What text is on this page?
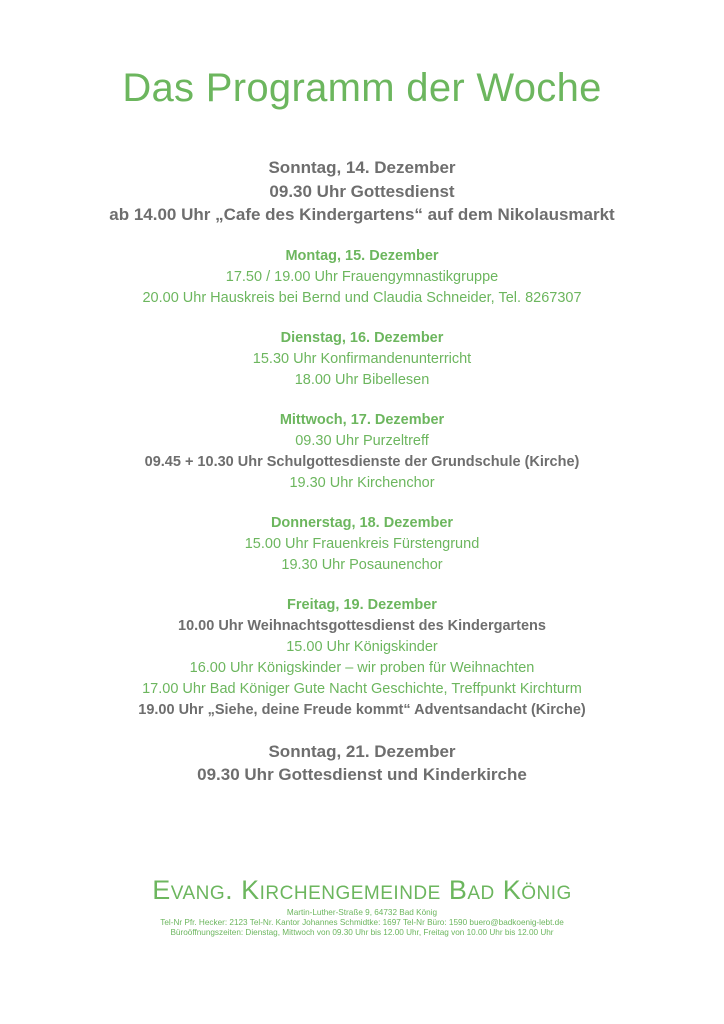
Das Programm der Woche
Sonntag, 14. Dezember
09.30 Uhr Gottesdienst
ab 14.00 Uhr „Cafe des Kindergartens“ auf dem Nikolausmarkt
Montag, 15. Dezember
17.50 / 19.00 Uhr Frauengymnastikgruppe
20.00 Uhr Hauskreis bei Bernd und Claudia Schneider, Tel. 8267307
Dienstag, 16. Dezember
15.30 Uhr Konfirmandenunterricht
18.00 Uhr Bibellesen
Mittwoch, 17. Dezember
09.30 Uhr Purzeltreff
09.45 + 10.30 Uhr Schulgottesdienste der Grundschule (Kirche)
19.30 Uhr Kirchenchor
Donnerstag, 18. Dezember
15.00 Uhr Frauenkreis Fürstengrund
19.30 Uhr Posaunenchor
Freitag, 19. Dezember
10.00 Uhr Weihnachtsgottesdienst des Kindergartens
15.00 Uhr Königskinder
16.00 Uhr Königskinder – wir proben für Weihnachten
17.00 Uhr Bad Königer Gute Nacht Geschichte, Treffpunkt Kirchturm
19.00 Uhr „Siehe, deine Freude kommt“ Adventsandacht (Kirche)
Sonntag, 21. Dezember
09.30 Uhr Gottesdienst und Kinderkirche

Evang. Kirchengemeinde Bad König

Martin-Luther-Straße 9, 64732 Bad König
Tel-Nr Pfr. Hecker: 2123 Tel-Nr. Kantor Johannes Schmidtke: 1697 Tel-Nr Büro: 1590 buero@badkoenig-lebt.de
Büroöffnungszeiten: Dienstag, Mittwoch von 09.30 Uhr bis 12.00 Uhr, Freitag von 10.00 Uhr bis 12.00 Uhr
